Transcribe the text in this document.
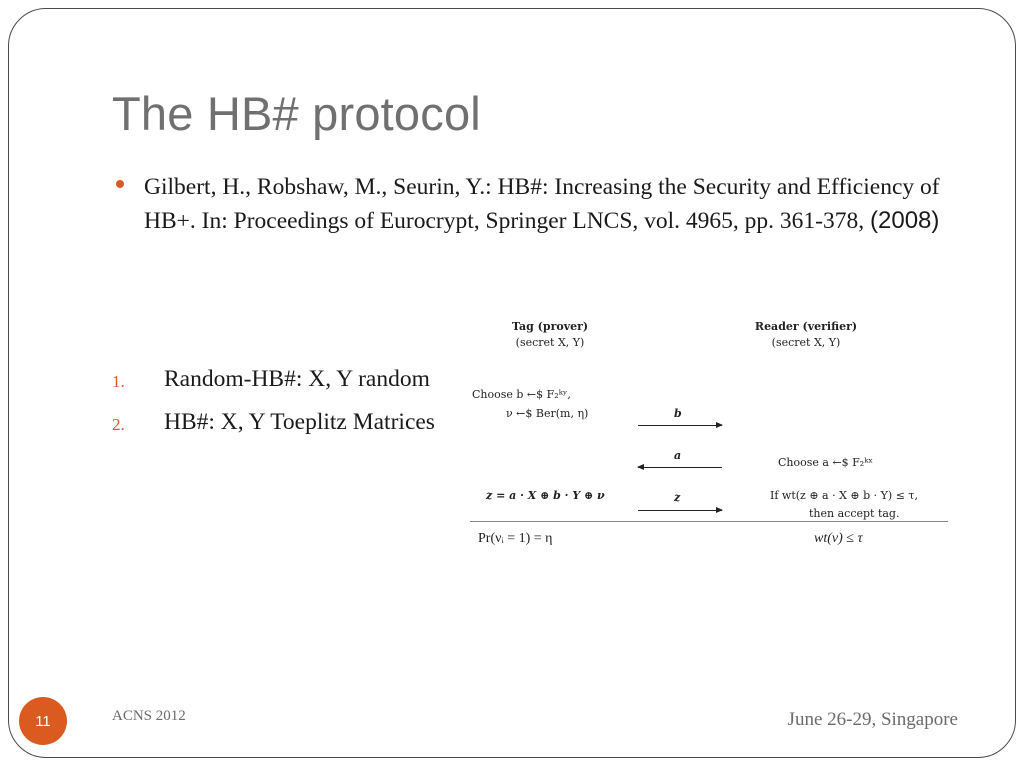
The HB# protocol
Gilbert, H., Robshaw, M., Seurin, Y.: HB#: Increasing the Security and Efficiency of HB+. In: Proceedings of Eurocrypt, Springer LNCS, vol. 4965, pp. 361-378, (2008)
1. Random-HB#: X, Y random
2. HB#: X, Y Toeplitz Matrices
Tag (prover)
(secret X, Y)
Reader (verifier)
(secret X, Y)
Choose b ←$ F₂ᵏʸ,
ν ←$ Ber(m, η)	b
a
Choose a ←$ F₂ᵏˣ
z = a · X ⊕ b · Y ⊕ ν	z	If wt(z ⊕ a · X ⊕ b · Y) ≤ τ,
then accept tag.
Pr(νᵢ = 1) = η	wt(ν) ≤ τ
11	ACNS 2012	June 26-29, Singapore
